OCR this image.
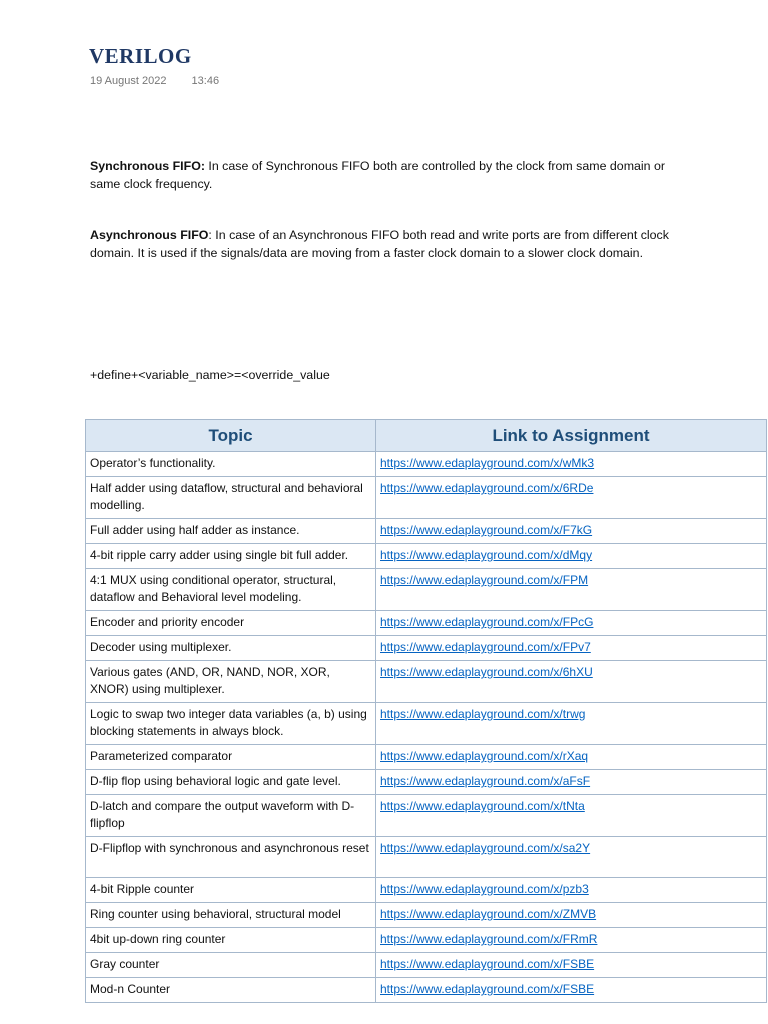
VERILOG
19 August 2022 13:46
Synchronous FIFO: In case of Synchronous FIFO both are controlled by the clock from same domain or same clock frequency.
Asynchronous FIFO: In case of an Asynchronous FIFO both read and write ports are from different clock domain. It is used if the signals/data are moving from a faster clock domain to a slower clock domain.
+define+<variable_name>=<override_value
Topic	Link to Assignment
Operator’s functionality.	https://www.edaplayground.com/x/wMk3
Half adder using dataflow, structural and behavioral modelling.	https://www.edaplayground.com/x/6RDe
Full adder using half adder as instance.	https://www.edaplayground.com/x/F7kG
4-bit ripple carry adder using single bit full adder.	https://www.edaplayground.com/x/dMqy
4:1 MUX using conditional operator, structural, dataflow and Behavioral level modeling.	https://www.edaplayground.com/x/FPM
Encoder and priority encoder	https://www.edaplayground.com/x/FPcG
Decoder using multiplexer.	https://www.edaplayground.com/x/FPv7
Various gates (AND, OR, NAND, NOR, XOR, XNOR) using multiplexer.	https://www.edaplayground.com/x/6hXU
Logic to swap two integer data variables (a, b) using blocking statements in always block.	https://www.edaplayground.com/x/trwg
Parameterized comparator	https://www.edaplayground.com/x/rXaq
D-flip flop using behavioral logic and gate level.	https://www.edaplayground.com/x/aFsF
D-latch and compare the output waveform with D-flipflop	https://www.edaplayground.com/x/tNta
D-Flipflop with synchronous and asynchronous reset	https://www.edaplayground.com/x/sa2Y
4-bit Ripple counter	https://www.edaplayground.com/x/pzb3
Ring counter using behavioral, structural model	https://www.edaplayground.com/x/ZMVB
4bit up-down ring counter	https://www.edaplayground.com/x/FRmR
Gray counter	https://www.edaplayground.com/x/FSBE
Mod-n Counter	https://www.edaplayground.com/x/FSBE
